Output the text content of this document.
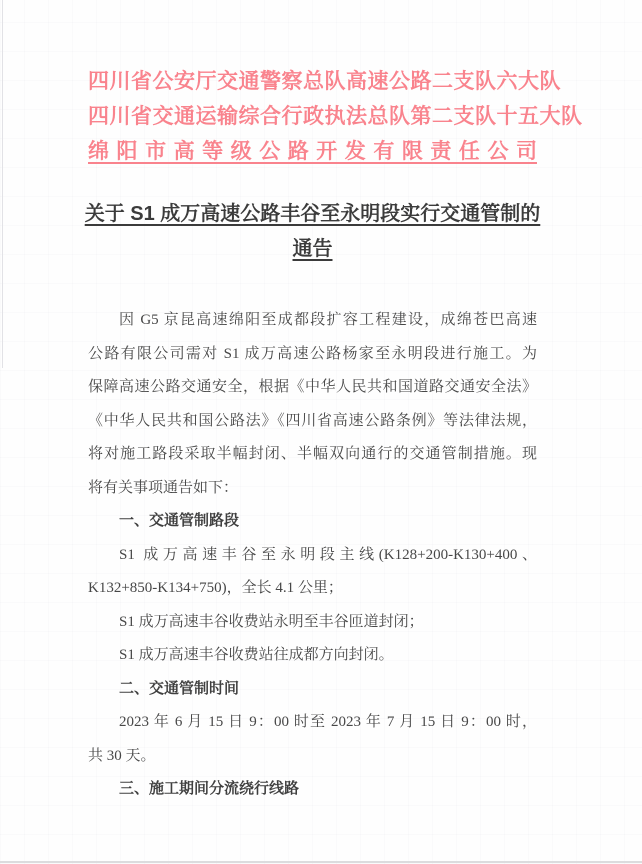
四川省公安厅交通警察总队高速公路二支队六大队
四川省交通运输综合行政执法总队第二支队十五大队
绵阳市高等级公路开发有限责任公司
关于 S1 成万高速公路丰谷至永明段实行交通管制的
通告
因 G5 京昆高速绵阳至成都段扩容工程建设，成绵苍巴高速
公路有限公司需对 S1 成万高速公路杨家至永明段进行施工。为
保障高速公路交通安全，根据《中华人民共和国道路交通安全法》
《中华人民共和国公路法》《四川省高速公路条例》等法律法规，
将对施工路段采取半幅封闭、半幅双向通行的交通管制措施。现
将有关事项通告如下：
一、交通管制路段
S1 成万高速丰谷至永明段主线(K128+200-K130+400、
K132+850-K134+750)，全长 4.1 公里；
S1 成万高速丰谷收费站永明至丰谷匝道封闭；
S1 成万高速丰谷收费站往成都方向封闭。
二、交通管制时间
2023 年 6 月 15 日 9：00 时至 2023 年 7 月 15 日 9：00 时，
共 30 天。
三、施工期间分流绕行线路
